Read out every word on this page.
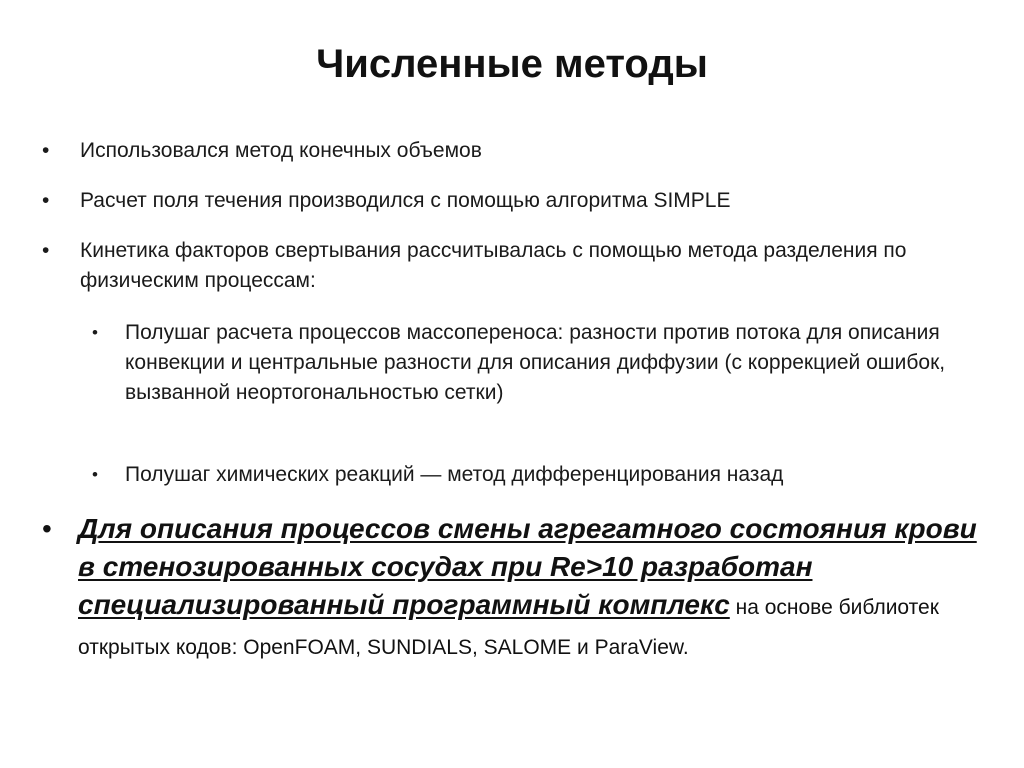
Численные методы
• Использовался метод конечных объемов
• Расчет поля течения производился с помощью алгоритма SIMPLE
• Кинетика факторов свертывания рассчитывалась с помощью метода разделения по физическим процессам:
• Полушаг расчета процессов массопереноса: разности против потока для описания конвекции и центральные разности для описания диффузии (с коррекцией ошибок, вызванной неортогональностью сетки)
• Полушаг химических реакций — метод дифференцирования назад
• Для описания процессов смены агрегатного состояния крови в стенозированных сосудах при Re>10 разработан специализированный программный комплекс на основе библиотек открытых кодов: OpenFOAM, SUNDIALS, SALOME и ParaView.
